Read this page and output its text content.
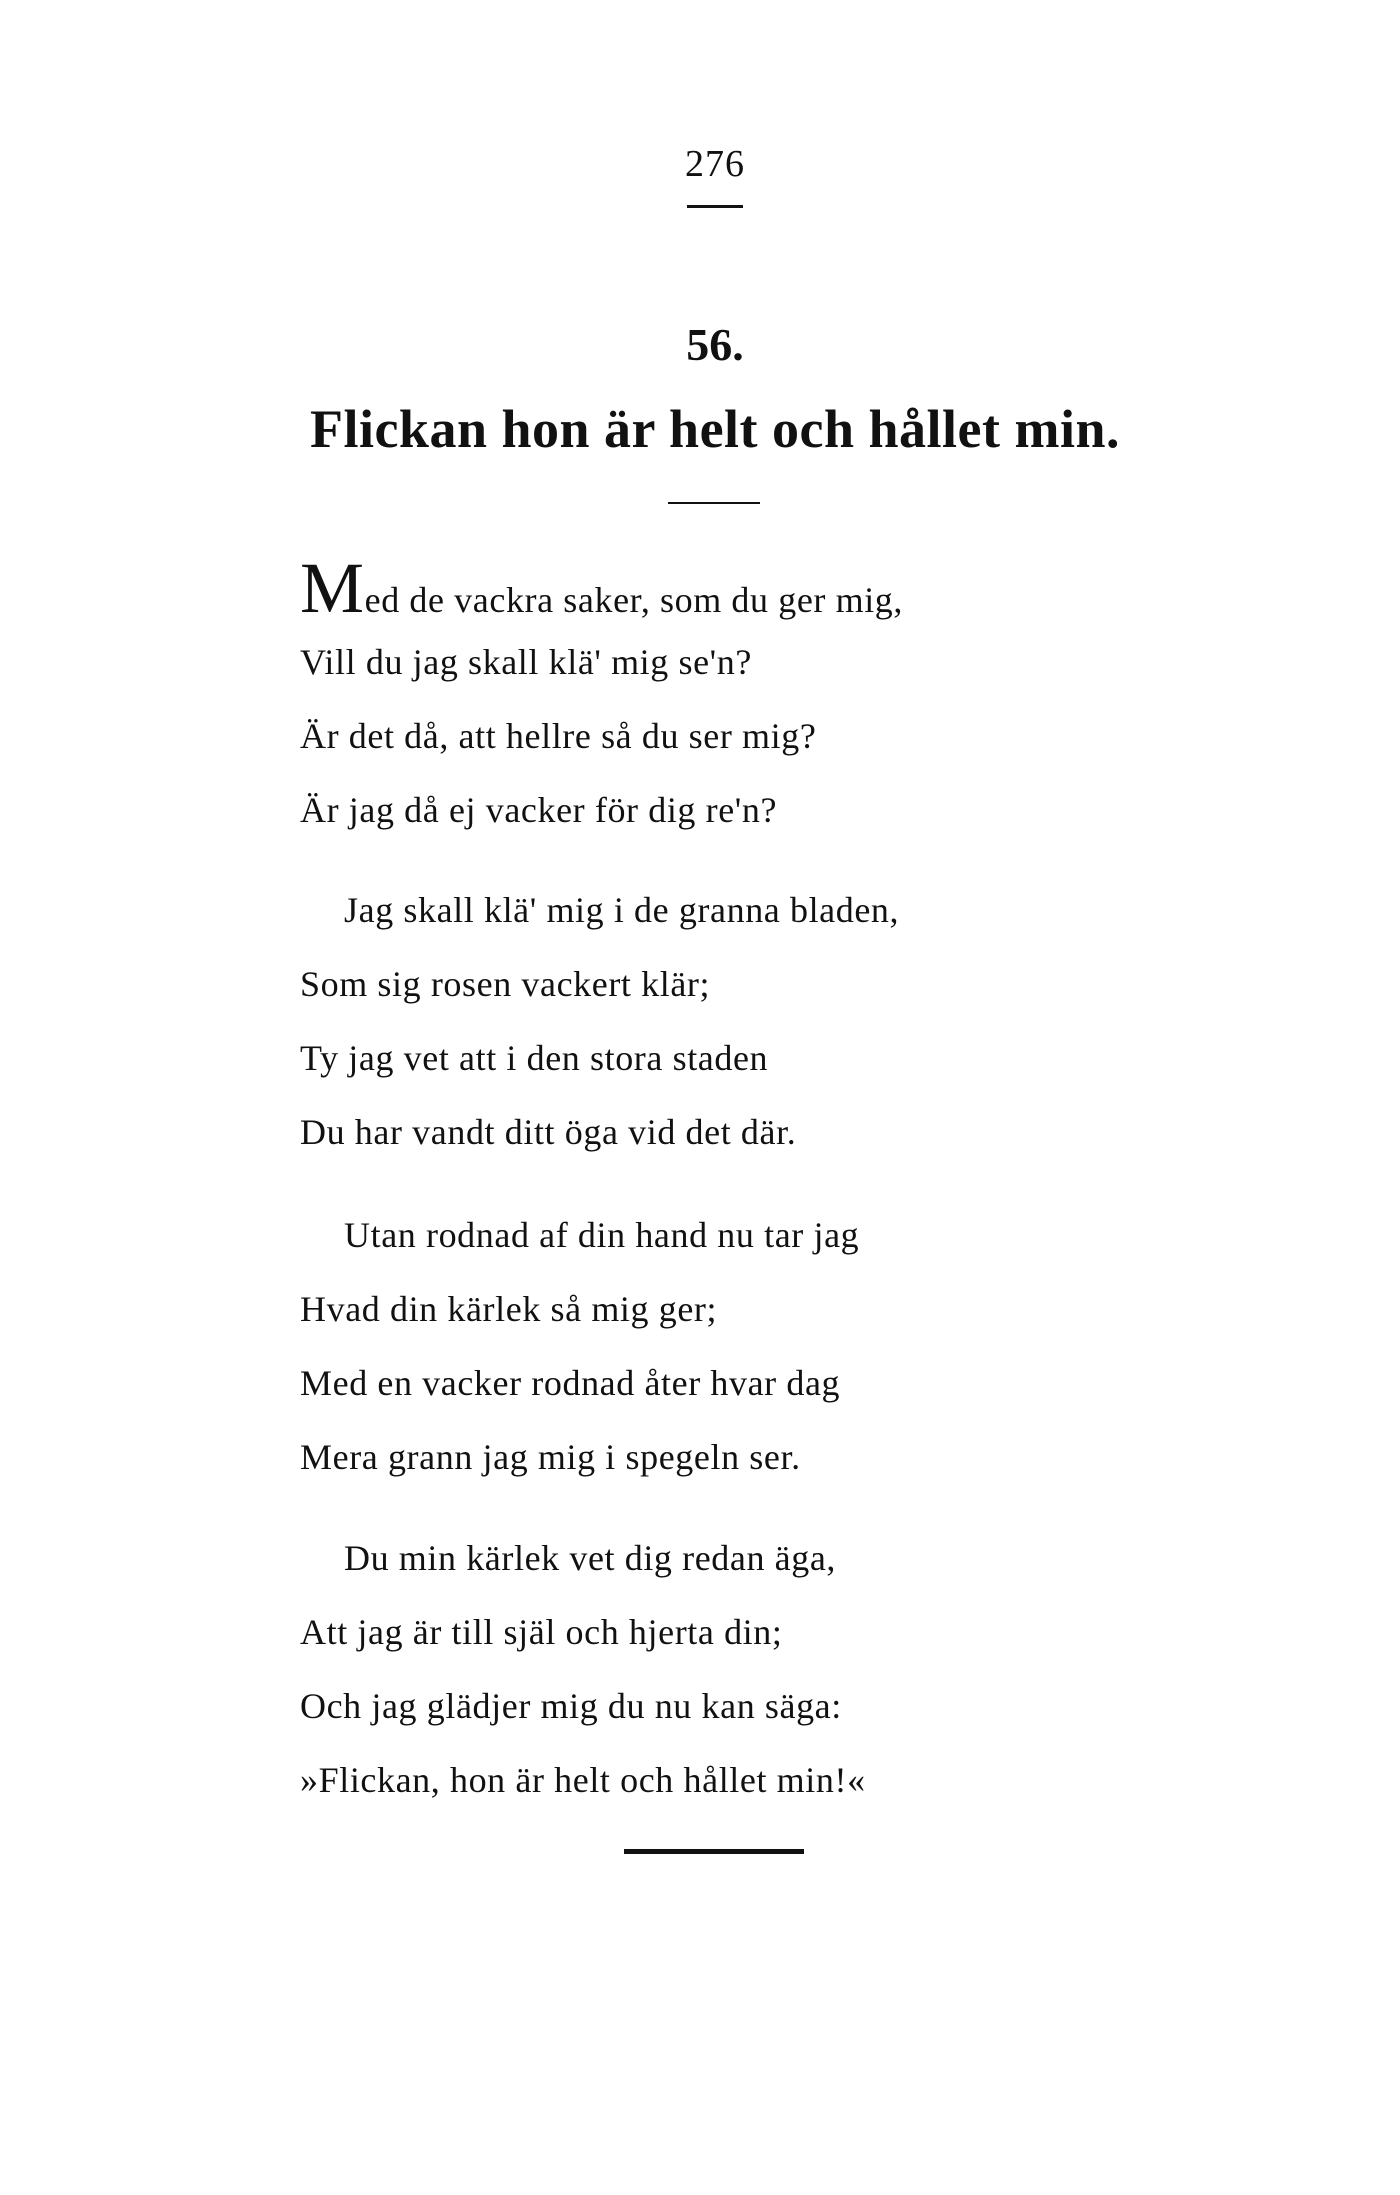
276
56.
Flickan hon är helt och hållet min.
Med de vackra saker, som du ger mig,
Vill du jag skall klä' mig se'n?
Är det då, att hellre så du ser mig?
Är jag då ej vacker för dig re'n?
Jag skall klä' mig i de granna bladen,
Som sig rosen vackert klär;
Ty jag vet att i den stora staden
Du har vandt ditt öga vid det där.
Utan rodnad af din hand nu tar jag
Hvad din kärlek så mig ger;
Med en vacker rodnad åter hvar dag
Mera grann jag mig i spegeln ser.
Du min kärlek vet dig redan äga,
Att jag är till själ och hjerta din;
Och jag glädjer mig du nu kan säga:
»Flickan, hon är helt och hållet min!«
